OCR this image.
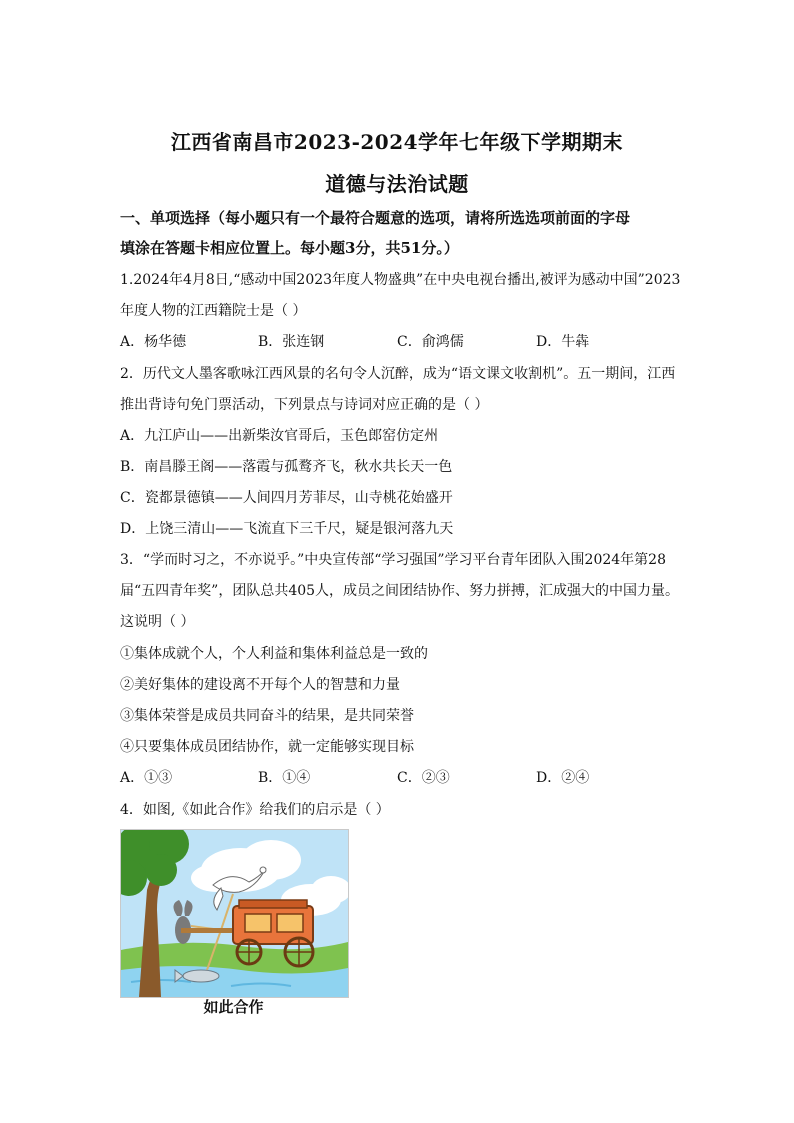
江西省南昌市2023-2024学年七年级下学期期末
道德与法治试题
一、单项选择（每小题只有一个最符合题意的选项，请将所选选项前面的字母
填涂在答题卡相应位置上。每小题3分，共51分。）
1.2024年4月8日,“感动中国2023年度人物盛典”在中央电视台播出,被评为感动中国”2023
年度人物的江西籍院士是（ ）
A．杨华德	B．张连钢	C．俞鸿儒	D．牛犇
2．历代文人墨客歌咏江西风景的名句令人沉醉，成为“语文课文收割机”。五一期间，江西
推出背诗句免门票活动，下列景点与诗词对应正确的是（ ）
A．九江庐山——出新柴汝官哥后，玉色郎窑仿定州
B．南昌滕王阁——落霞与孤鹜齐飞，秋水共长天一色
C．瓷都景德镇——人间四月芳菲尽，山寺桃花始盛开
D．上饶三清山——飞流直下三千尺，疑是银河落九天
3．“学而时习之，不亦说乎。”中央宣传部“学习强国”学习平台青年团队入围2024年第28
届“五四青年奖”，团队总共405人，成员之间团结协作、努力拼搏，汇成强大的中国力量。
这说明（ ）
①集体成就个人，个人利益和集体利益总是一致的
②美好集体的建设离不开每个人的智慧和力量
③集体荣誉是成员共同奋斗的结果，是共同荣誉
④只要集体成员团结协作，就一定能够实现目标
A．①③	B．①④	C．②③	D．②④
4．如图,《如此合作》给我们的启示是（ ）
如此合作
